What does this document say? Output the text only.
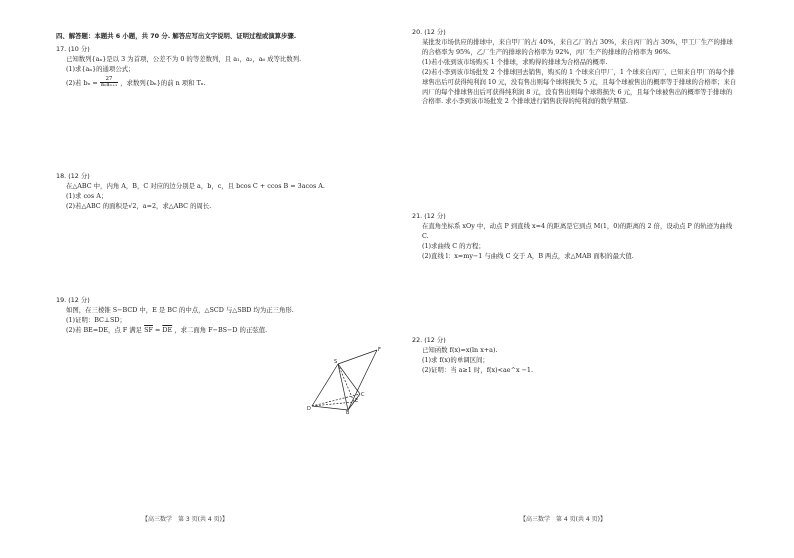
四、解答题：本题共 6 小题，共 70 分. 解答应写出文字说明、证明过程或演算步骤.
17. (10 分)
已知数列{aₙ}是以 3 为首项，公差不为 0 的等差数列，且 a₁，a₂，a₆ 成等比数列.
(1)求{aₙ}的通项公式；
(2)若 $b_n = \frac{27}{\text{aₙaₙ₊₁}}$ ，求数列{bₙ}的前 n 项和 Tₙ.
18. (12 分)
在△ABC 中，内角 A，B，C 对应的边分别是 a，b，c，且 bcos C + ccos B = 3acos A.
(1)求 cos A；
(2)若△ABC 的面积是√2，a=2，求△ABC 的周长.
19. (12 分)
如图，在三棱锥 S−BCD 中，E 是 BC 的中点，△SCD 与△SBD 均为正三角形.
(1)证明：BC⊥SD；
(2)若 BE=DE，点 F 满足 $\overline{SF} = \overline{DE}$ ，求二面角 F−BS−D 的正弦值.
S
F
D
B
C
E
【高三数学　第 3 页(共 4 页)】
20. (12 分)
某批发市场供应的排球中，来自甲厂的占 40%，来自乙厂的占 30%，来自丙厂的占 30%，甲工厂生产的排球的合格率为 95%，乙厂生产的排球的合格率为 92%，丙厂生产的排球的合格率为 96%.
(1)若小张到该市场购买 1 个排球，求购得的排球为合格品的概率.
(2)若小李到该市场批发 2 个排球回去销售，购买的 1 个球来自甲厂，1 个球来自丙厂，已知来自甲厂的每个排球售出后可获得纯利润 10 元，没有售出则每个球将损失 5 元，且每个球被售出的概率等于排球的合格率；来自丙厂的每个排球售出后可获得纯利润 8 元，没有售出则每个球将损失 6 元，且每个球被售出的概率等于排球的合格率. 求小李到该市场批发 2 个排球进行销售获得的纯利润的数学期望.
21. (12 分)
在直角坐标系 xOy 中，动点 P 到直线 x=4 的距离是它到点 M(1，0)的距离的 2 倍，设动点 P 的轨迹为曲线 C.
(1)求曲线 C 的方程；
(2)直线 l：x=my−1 与曲线 C 交于 A，B 两点，求△MAB 面积的最大值.
22. (12 分)
已知函数 f(x)=x(ln x+a).
(1)求 f(x)的单调区间；
(2)证明：当 a≥1 时，f(x)<ae^x −1.
【高三数学　第 4 页(共 4 页)】
